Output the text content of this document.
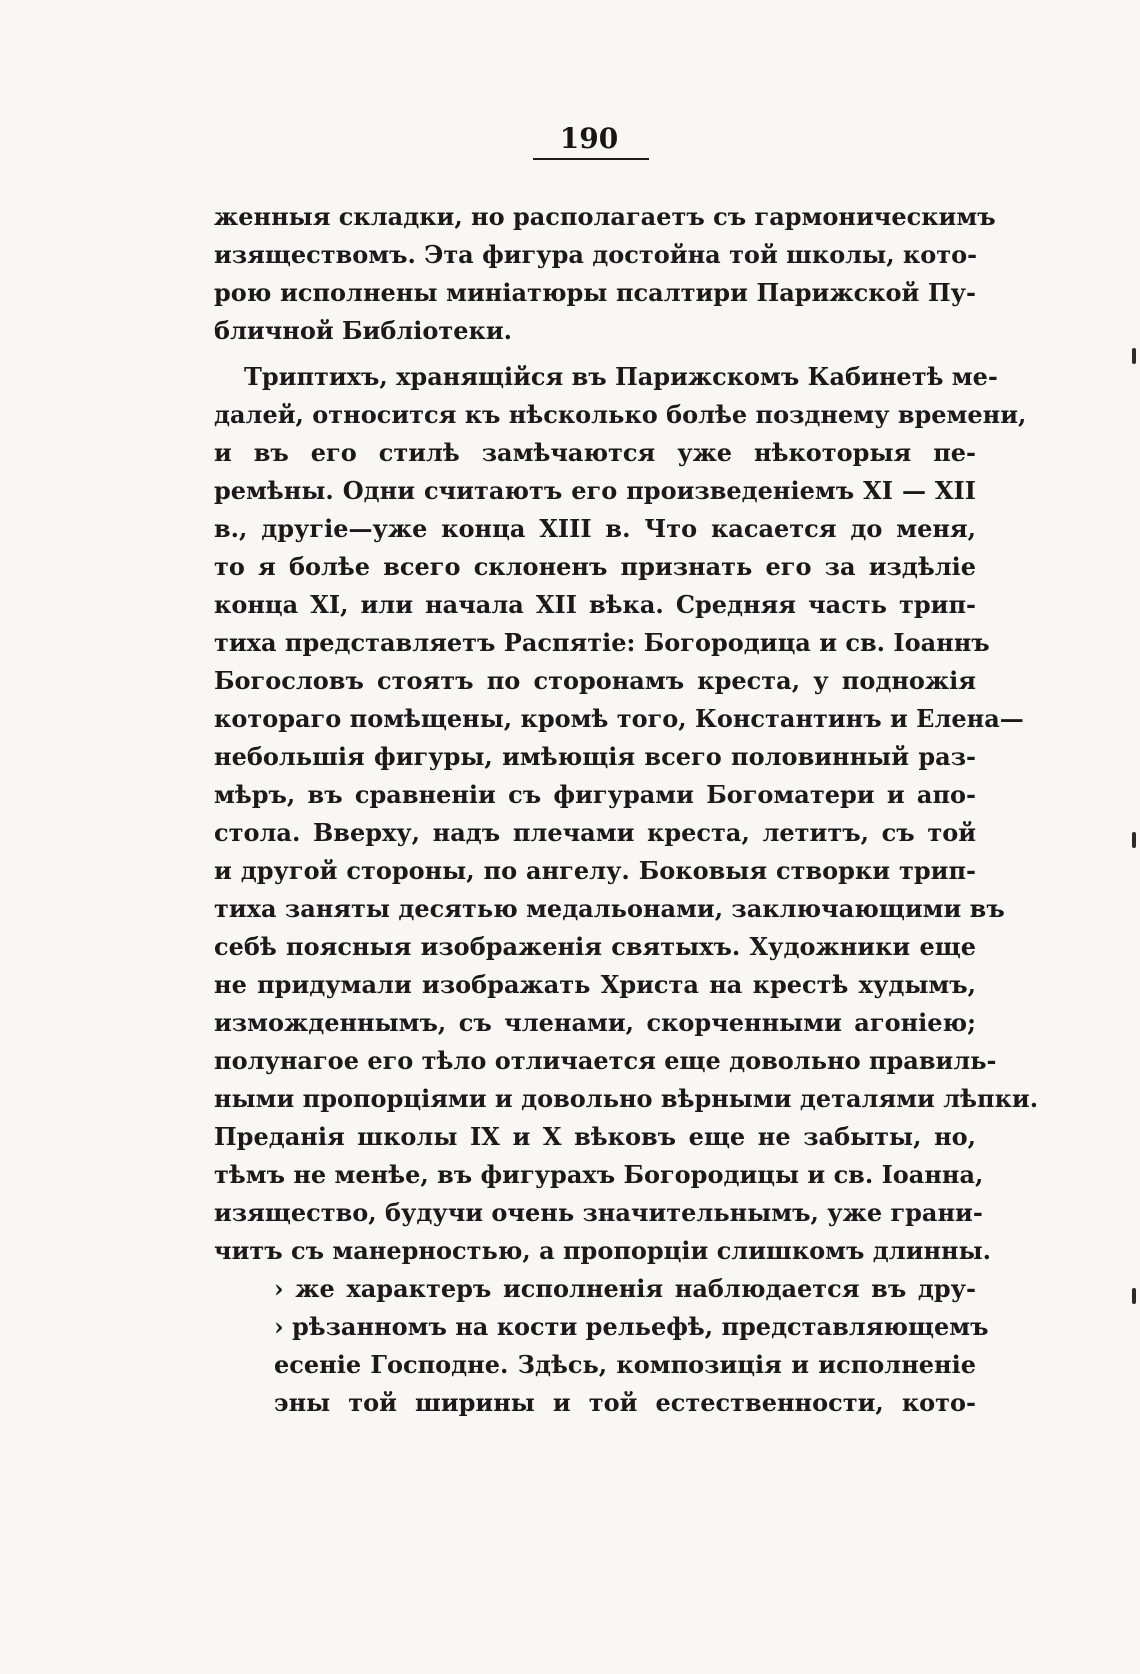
190
женныя складки, но располагаетъ съ гармоническимъ
изяществомъ. Эта фигура достойна той школы, кото-
рою исполнены миніатюры псалтири Парижской Пу-
бличной Библіотеки.
Триптихъ, хранящійся въ Парижскомъ Кабинетѣ ме-
далей, относится къ нѣсколько болѣе позднему времени,
и въ его стилѣ замѣчаются уже нѣкоторыя пе-
ремѣны. Одни считаютъ его произведеніемъ XI — XII
в., другіе—уже конца XIII в. Что касается до меня,
то я болѣе всего склоненъ признать его за издѣліе
конца XI, или начала XII вѣка. Средняя часть трип-
тиха представляетъ Распятіе: Богородица и св. Іоаннъ
Богословъ стоятъ по сторонамъ креста, у подножія
котораго помѣщены, кромѣ того, Константинъ и Елена—
небольшія фигуры, имѣющія всего половинный раз-
мѣръ, въ сравненіи съ фигурами Богоматери и апо-
стола. Вверху, надъ плечами креста, летитъ, съ той
и другой стороны, по ангелу. Боковыя створки трип-
тиха заняты десятью медальонами, заключающими въ
себѣ поясныя изображенія святыхъ. Художники еще
не придумали изображать Христа на крестѣ худымъ,
изможденнымъ, съ членами, скорченными агоніею;
полунагое его тѣло отличается еще довольно правиль-
ными пропорціями и довольно вѣрными деталями лѣпки.
Преданія школы IX и X вѣковъ еще не забыты, но,
тѣмъ не менѣе, въ фигурахъ Богородицы и св. Іоанна,
изящество, будучи очень значительнымъ, уже грани-
читъ съ манерностью, а пропорціи слишкомъ длинны.
› же характеръ исполненія наблюдается въ дру-
› рѣзанномъ на кости рельефѣ, представляющемъ
есеніе Господне. Здѣсь, композиція и исполненіе
эны той ширины и той естественности, кото-
